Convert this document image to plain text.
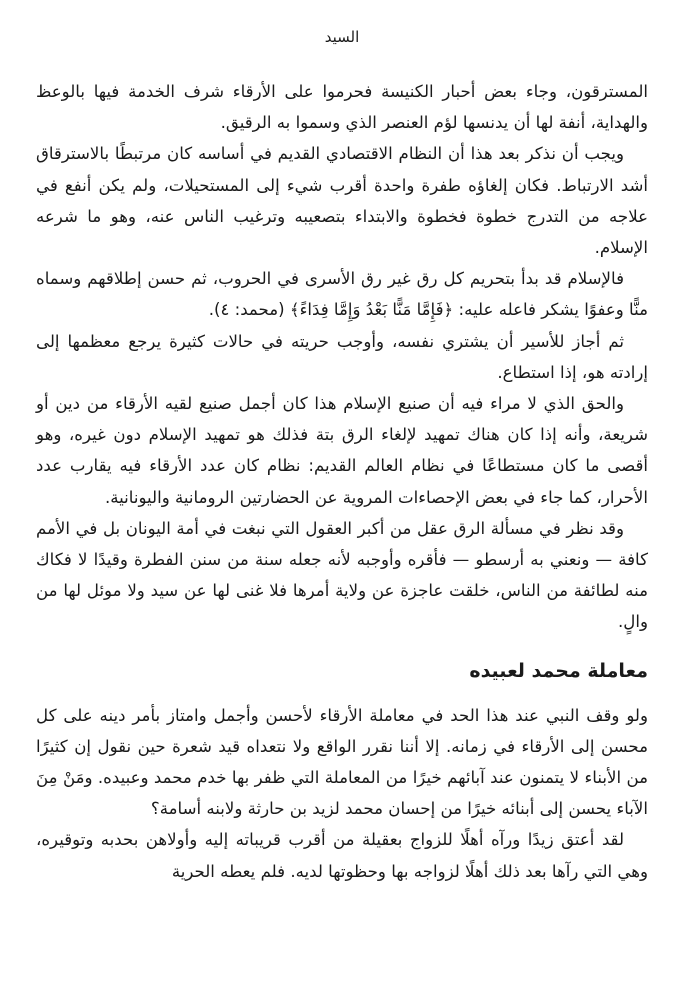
السيد

المسترقون، وجاء بعض أحبار الكنيسة فحرموا على الأرقاء شرف الخدمة فيها بالوعظ والهداية، أنفة لها أن يدنسها لؤم العنصر الذي وسموا به الرقيق.

ويجب أن نذكر بعد هذا أن النظام الاقتصادي القديم في أساسه كان مرتبطًا بالاسترقاق أشد الارتباط. فكان إلغاؤه طفرة واحدة أقرب شيء إلى المستحيلات، ولم يكن أنفع في علاجه من التدرج خطوة فخطوة والابتداء بتصعيبه وترغيب الناس عنه، وهو ما شرعه الإسلام.

فالإسلام قد بدأ بتحريم كل رق غير رق الأسرى في الحروب، ثم حسن إطلاقهم وسماه منًّا وعفوًا يشكر فاعله عليه: ﴿فَإِمَّا مَنًّا بَعْدُ وَإِمَّا فِدَاءً﴾ (محمد: ٤).

ثم أجاز للأسير أن يشتري نفسه، وأوجب حريته في حالات كثيرة يرجع معظمها إلى إرادته هو، إذا استطاع.

والحق الذي لا مراء فيه أن صنيع الإسلام هذا كان أجمل صنيع لقيه الأرقاء من دين أو شريعة، وأنه إذا كان هناك تمهيد لإلغاء الرق بتة فذلك هو تمهيد الإسلام دون غيره، وهو أقصى ما كان مستطاعًا في نظام العالم القديم: نظام كان عدد الأرقاء فيه يقارب عدد الأحرار، كما جاء في بعض الإحصاءات المروية عن الحضارتين الرومانية واليونانية.

وقد نظر في مسألة الرق عقل من أكبر العقول التي نبغت في أمة اليونان بل في الأمم كافة — ونعني به أرسطو — فأقره وأوجبه لأنه جعله سنة من سنن الفطرة وقيدًا لا فكاك منه لطائفة من الناس، خلقت عاجزة عن ولاية أمرها فلا غنى لها عن سيد ولا موئل لها من والٍ.

معاملة محمد لعبيده

ولو وقف النبي عند هذا الحد في معاملة الأرقاء لأحسن وأجمل وامتاز بأمر دينه على كل محسن إلى الأرقاء في زمانه. إلا أننا نقرر الواقع ولا نتعداه قيد شعرة حين نقول إن كثيرًا من الأبناء لا يتمنون عند آبائهم خيرًا من المعاملة التي ظفر بها خدم محمد وعبيده. ومَنْ مِنَ الآباء يحسن إلى أبنائه خيرًا من إحسان محمد لزيد بن حارثة ولابنه أسامة؟

لقد أعتق زيدًا ورآه أهلًا للزواج بعقيلة من أقرب قريباته إليه وأولاهن بحدبه وتوقيره، وهي التي رآها بعد ذلك أهلًا لزواجه بها وحظوتها لديه. فلم يعطه الحرية
